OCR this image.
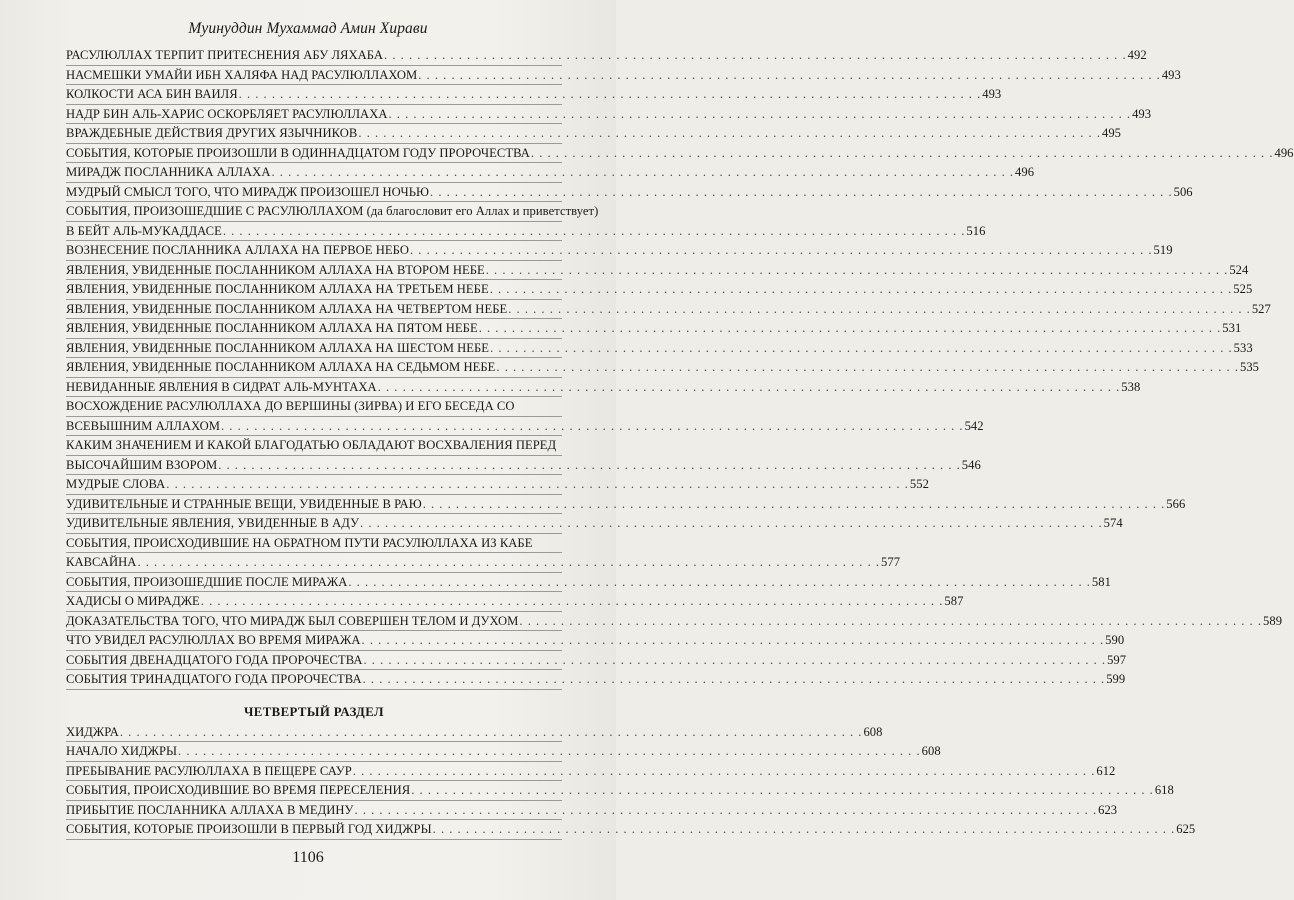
Муинуддин Мухаммад Амин Хирави
РАСУЛЮЛЛАХ ТЕРПИТ ПРИТЕСНЕНИЯ АБУ ЛЯХАБА . . .	492
НАСМЕШКИ УМАЙИ ИБН ХАЛЯФА НАД РАСУЛЮЛЛАХОМ . . .	493
КОЛКОСТИ АСА БИН ВАИЛЯ . . .	493
НАДР БИН АЛЬ-ХАРИС ОСКОРБЛЯЕТ РАСУЛЮЛЛАХА . . .	493
ВРАЖДЕБНЫЕ ДЕЙСТВИЯ ДРУГИХ ЯЗЫЧНИКОВ . . .	495
СОБЫТИЯ, КОТОРЫЕ ПРОИЗОШЛИ В ОДИННАДЦАТОМ ГОДУ ПРОРОЧЕСТВА . . .	496
МИРАДЖ ПОСЛАННИКА АЛЛАХА . . .	496
МУДРЫЙ СМЫСЛ ТОГО, ЧТО МИРАДЖ ПРОИЗОШЕЛ НОЧЬЮ . . .	506
СОБЫТИЯ, ПРОИЗОШЕДШИЕ С РАСУЛЮЛЛАХОМ (да благословит его Аллах и приветствует)
В БЕЙТ АЛЬ-МУКАДДАСЕ . . .	516
ВОЗНЕСЕНИЕ ПОСЛАННИКА АЛЛАХА НА ПЕРВОЕ НЕБО . . .	519
ЯВЛЕНИЯ, УВИДЕННЫЕ ПОСЛАННИКОМ АЛЛАХА НА ВТОРОМ НЕБЕ . . .	524
ЯВЛЕНИЯ, УВИДЕННЫЕ ПОСЛАННИКОМ АЛЛАХА НА ТРЕТЬЕМ НЕБЕ . . .	525
ЯВЛЕНИЯ, УВИДЕННЫЕ ПОСЛАННИКОМ АЛЛАХА НА ЧЕТВЕРТОМ НЕБЕ . . .	527
ЯВЛЕНИЯ, УВИДЕННЫЕ ПОСЛАННИКОМ АЛЛАХА НА ПЯТОМ НЕБЕ . . .	531
ЯВЛЕНИЯ, УВИДЕННЫЕ ПОСЛАННИКОМ АЛЛАХА НА ШЕСТОМ НЕБЕ . . .	533
ЯВЛЕНИЯ, УВИДЕННЫЕ ПОСЛАННИКОМ АЛЛАХА НА СЕДЬМОМ НЕБЕ . . .	535
НЕВИДАННЫЕ ЯВЛЕНИЯ В СИДРАТ АЛЬ-МУНТАХА . . .	538
ВОСХОЖДЕНИЕ РАСУЛЮЛЛАХА ДО ВЕРШИНЫ (ЗИРВА) И ЕГО БЕСЕДА СО
ВСЕВЫШНИМ АЛЛАХОМ . . .	542
КАКИМ ЗНАЧЕНИЕМ И КАКОЙ БЛАГОДАТЬЮ ОБЛАДАЮТ ВОСХВАЛЕНИЯ ПЕРЕД
ВЫСОЧАЙШИМ ВЗОРОМ . . .	546
МУДРЫЕ СЛОВА . . .	552
УДИВИТЕЛЬНЫЕ И СТРАННЫЕ ВЕЩИ, УВИДЕННЫЕ В РАЮ . . .	566
УДИВИТЕЛЬНЫЕ ЯВЛЕНИЯ, УВИДЕННЫЕ В АДУ . . .	574
СОБЫТИЯ, ПРОИСХОДИВШИЕ НА ОБРАТНОМ ПУТИ РАСУЛЮЛЛАХА ИЗ КАБЕ
КАВСАЙНА . . .	577
СОБЫТИЯ, ПРОИЗОШЕДШИЕ ПОСЛЕ МИРАЖА . . .	581
ХАДИСЫ О МИРАДЖЕ . . .	587
ДОКАЗАТЕЛЬСТВА ТОГО, ЧТО МИРАДЖ БЫЛ СОВЕРШЕН ТЕЛОМ И ДУХОМ . . .	589
ЧТО УВИДЕЛ РАСУЛЮЛЛАХ ВО ВРЕМЯ МИРАЖА . . .	590
СОБЫТИЯ ДВЕНАДЦАТОГО ГОДА ПРОРОЧЕСТВА . . .	597
СОБЫТИЯ ТРИНАДЦАТОГО ГОДА ПРОРОЧЕСТВА . . .	599
ЧЕТВЕРТЫЙ РАЗДЕЛ
ХИДЖРА . . .	608
НАЧАЛО ХИДЖРЫ . . .	608
ПРЕБЫВАНИЕ РАСУЛЮЛЛАХА В ПЕЩЕРЕ САУР . . .	612
СОБЫТИЯ, ПРОИСХОДИВШИЕ ВО ВРЕМЯ ПЕРЕСЕЛЕНИЯ . . .	618
ПРИБЫТИЕ ПОСЛАННИКА АЛЛАХА В МЕДИНУ . . .	623
СОБЫТИЯ, КОТОРЫЕ ПРОИЗОШЛИ В ПЕРВЫЙ ГОД ХИДЖРЫ . . .	625
1106
